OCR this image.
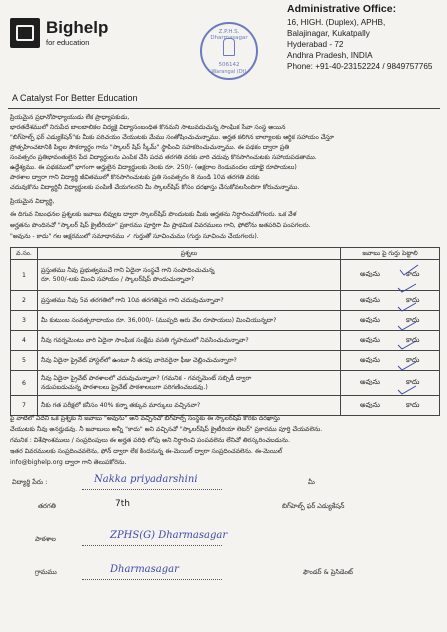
Bighelp
for education
A Catalyst For Better Education
Z.P.H.S. Dharmasagar
506142
Warangal (Dt)
Administrative Office:
16, HIGH. (Duplex), APHB,
Balajinagar, Kukatpally
Hyderabad - 72
Andhra Pradesh, INDIA
Phone: +91-40-23152224 / 9849757765
ప్రియమైన ప్రధానోపాధ్యాయుడు లేక ప్రాధ్యాపకుడు,
భారతదేశములో నిరుపేద బాలబాలికల విద్యకై విద్యాసంబంధిత కొనమని సాటువదుచున్న సాంఘిక సేవా సంస్థ అయిన
"బిగ్‌హెల్ప్ ఫర్ ఎడ్యుకేషన్"కు మీకు పరిచయం చేయుటకు మేము సంతోషించుచున్నాము. అర్హత కలిగిన బాల్యాలకు ఆర్థిక సహాయం చేస్తూ
ప్రోత్సహించటానికి పిల్లల సౌకర్యార్థం గాను "స్కాలర్ షిప్ స్కీమ్" స్థాపించి సహకరించుచున్నాము. ఈ పథకం ద్వారా ప్రతి
సంవత్సరం ప్రతిభావంతులైన పేద విద్యార్థులను ఎంపిక చేసి పదవ తరగతి వరకు వారి చదువు కొనసాగించుటకు సహాయపడతాము.
ఉద్దేశ్యము. ఈ పథకములో భాగంగా అర్హులైన విద్యార్థులకు నెలకు రూ. 250/- (అక్షరాల రెండువందల యాభై రూపాయలు)
పాఠశాల ద్వారా గాని విద్యార్థి జీవితములో కొనసాగించుటకు ప్రతి సంవత్సరం 8 నుండి 10వ తరగతి వరకు
చదువుకొను విద్యార్థినీ విద్యార్థులకు పంపిణీ చేయగలరని మీ స్కాలర్‌షిప్ కోసం దరఖాస్తు చేసుకోవలసిందిగా కోరుచున్నాము.
ప్రియమైన విద్యార్థి,
ఈ దిగువ నిబంధనల ప్రశ్నలకు జవాబు లివ్వుట ద్వారా స్కాలర్‌షిప్ పొందుటకు మీకు అర్హతను నిర్ధారించుకోగలరు. ఒక వేళ
అర్హతను పొందినచో "స్కాలర్ షిప్ క్రైటీరియా" ప్రకారము పూర్తిగా మీ ప్రాథమిక వివరములు గాని, ఫోటోను జతపరిచి పంపగలరు.
"అవును - కాదు" గల అక్షరములో సమాధానము ✓ గుర్తుతో సూచించుము (గుర్తు సూచించు చేయగలరు).
వ.సం.	ప్రశ్నలు	జవాబు పై గుర్తు పెట్టాలి
1	ప్రస్తుతము నీవు ప్రభుత్వముచే గాని ఏదైనా సంస్థచే గాని సంపాదించుచున్న
రూ. 500/-లకు మించి సహాయం / స్కాలర్‌షిప్ పొందుచున్నావా?	అవును కాదు
2	ప్రస్తుతము నీవు 5వ తరగతిలో గాని 10వ తరగతిపైన గాని చదువుచున్నావా?	అవును కాదు
3	మీ కుటుంబ సంవత్సరాదాయం రూ. 36,000/- (ముప్పది ఆరు వేల రూపాయలు) మించియున్నదా?	అవును కాదు
4	నీవు గవర్నమెంటు వారి ఏదైనా సాంఘిక సంక్షేమ వసతి గృహములో నివసించుచున్నావా?	అవును కాదు
5	నీవు ఏదైనా ప్రైవేట్ హాస్టల్‌లో ఉంటూ నీ తరపు వారెవరైనా ఫీజు చెల్లించుచున్నారా?	అవును కాదు
6	నీవు ఏదైనా ప్రైవేట్ పాఠశాలలో చదువుచున్నావా? (గమనిక - గవర్నమెంట్ సబ్సిడీ ద్వారా
నడుపబడుచున్న పాఠశాలలు ప్రైవేట్ పాఠశాలలుగా పరిగణించబడవు.)	అవును కాదు
7	నీకు గత పరీక్షలో కనీసం 40% కన్నా తక్కువ మార్కులు వచ్చినవా?	అవును కాదు
పై వాటిలో ఏదేని ఒక ప్రశ్నకు నీ జవాబు "అవును" అని వచ్చినచో బిగ్‌హెల్ప్ సంస్థకు ఈ స్కాలర్‌షిప్ కొరకు దరఖాస్తు
చేయుటకు నీవు అనర్హుడవు. నీ జవాబులు అన్నీ "కాదు" అని వచ్చినచో "స్కాలర్‌షిప్ క్రైటీరియా లెటర్" ప్రకారము పూర్తి చేయవలెను.
గమనిక : విశేషాంశములు / సంప్రదింపులు ఈ అర్హత పరిధి లోపు అని నిర్ధారించి పంపవలెను లేనిచో తిరస్కరించబడును.
ఇతర వివరములకు సంప్రదించవలెను, ఫోన్ ద్వారా లేక కిందనున్న ఈ-మెయిల్ ద్వారా సంప్రదించవలెను. ఈ-మెయిల్
info@bighelp.org ద్వారా గాని తెలుపకోరెను.
విద్యార్థి పేరు :	Nakka priyadarshini	మీ
తరగతి	7th	బిగ్‌హెల్ప్ ఫర్ ఎడ్యుకేషన్
పాఠశాల	ZPHS(G) Dharmasagar
గ్రామము	Dharmasagar	ఫౌండర్ & ప్రెసిడెంట్
